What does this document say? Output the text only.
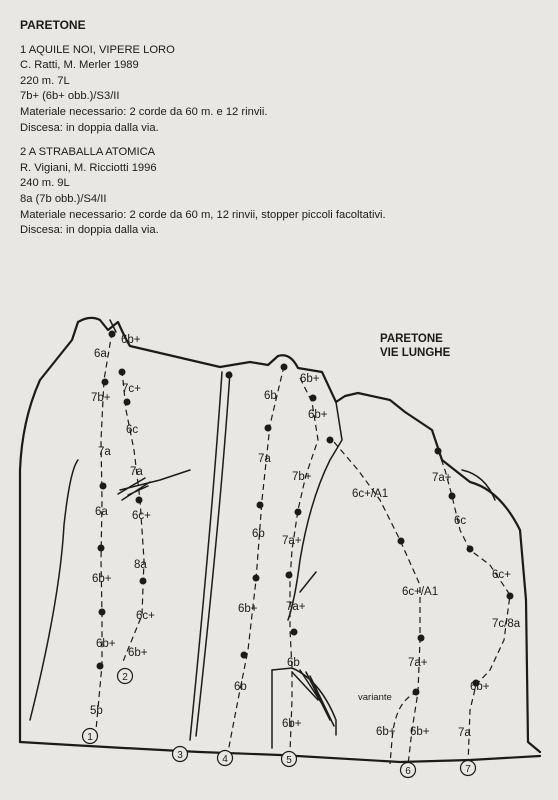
PARETONE
1 AQUILE NOI, VIPERE LORO
C. Ratti, M. Merler 1989
220 m. 7L
7b+ (6b+ obb.)/S3/II
Materiale necessario: 2 corde da 60 m. e 12 rinvii.
Discesa: in doppia dalla via.
2 A STRABALLA ATOMICA
R. Vigiani, M. Ricciotti 1996
240 m. 9L
8a (7b obb.)/S4/II
Materiale necessario: 2 corde da 60 m, 12 rinvii, stopper piccoli facoltativi.
Discesa: in doppia dalla via.
PARETONE
VIE LUNGHE
6b+
6a
7b+
7a
6a
6b+
6b+
5b
7c+
6c
7a
6c+
8a
6c+
6b+
6b
7a
6b
6b+
6b
6b+
6b+
7b+
7a+
7a+
6b
6b+
6c+/A1
6c+/A1
7a+
6b+ 6b+
variante
7a+
6c
6c+
7c/8a
6b+
7a
1
2
3	4	5
6	7
